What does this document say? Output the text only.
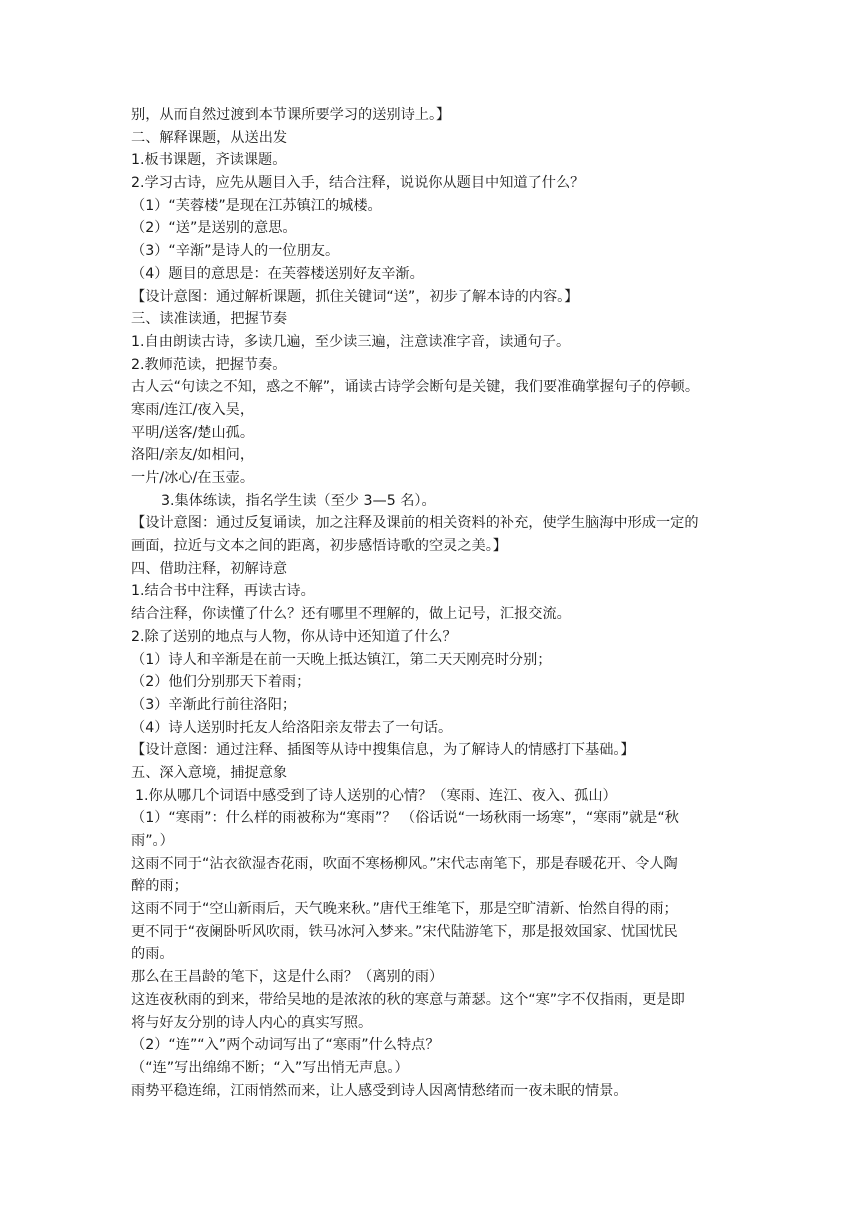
别，从而自然过渡到本节课所要学习的送别诗上。】
二、解释课题，从送出发
1.板书课题，齐读课题。
2.学习古诗，应先从题目入手，结合注释，说说你从题目中知道了什么？
（1）“芙蓉楼”是现在江苏镇江的城楼。
（2）“送”是送别的意思。
（3）“辛渐”是诗人的一位朋友。
（4）题目的意思是：在芙蓉楼送别好友辛渐。
【设计意图：通过解析课题，抓住关键词“送”，初步了解本诗的内容。】
三、读准读通，把握节奏
1.自由朗读古诗，多读几遍，至少读三遍，注意读准字音，读通句子。
2.教师范读，把握节奏。
古人云“句读之不知，惑之不解”，诵读古诗学会断句是关键，我们要准确掌握句子的停顿。
寒雨/连江/夜入吴，
平明/送客/楚山孤。
洛阳/亲友/如相问，
一片/冰心/在玉壶。
3.集体练读，指名学生读（至少 3—5 名）。
【设计意图：通过反复诵读，加之注释及课前的相关资料的补充，使学生脑海中形成一定的
画面，拉近与文本之间的距离，初步感悟诗歌的空灵之美。】
四、借助注释，初解诗意
1.结合书中注释，再读古诗。
结合注释，你读懂了什么？还有哪里不理解的，做上记号，汇报交流。
2.除了送别的地点与人物，你从诗中还知道了什么？
（1）诗人和辛渐是在前一天晚上抵达镇江，第二天天刚亮时分别；
（2）他们分别那天下着雨；
（3）辛渐此行前往洛阳；
（4）诗人送别时托友人给洛阳亲友带去了一句话。
【设计意图：通过注释、插图等从诗中搜集信息，为了解诗人的情感打下基础。】
五、深入意境，捕捉意象
1.你从哪几个词语中感受到了诗人送别的心情？（寒雨、连江、夜入、孤山）
（1）“寒雨”：什么样的雨被称为“寒雨”？ （俗话说“一场秋雨一场寒”，“寒雨”就是“秋
雨”。）
这雨不同于“沾衣欲湿杏花雨，吹面不寒杨柳风。”宋代志南笔下，那是春暖花开、令人陶
醉的雨；
这雨不同于“空山新雨后，天气晚来秋。”唐代王维笔下，那是空旷清新、怡然自得的雨；
更不同于“夜阑卧听风吹雨，铁马冰河入梦来。”宋代陆游笔下，那是报效国家、忧国忧民
的雨。
那么在王昌龄的笔下，这是什么雨？（离别的雨）
这连夜秋雨的到来，带给吴地的是浓浓的秋的寒意与萧瑟。这个“寒”字不仅指雨，更是即
将与好友分别的诗人内心的真实写照。
（2）“连”“入”两个动词写出了“寒雨”什么特点？
（“连”写出绵绵不断；“入”写出悄无声息。）
雨势平稳连绵，江雨悄然而来，让人感受到诗人因离情愁绪而一夜未眠的情景。
